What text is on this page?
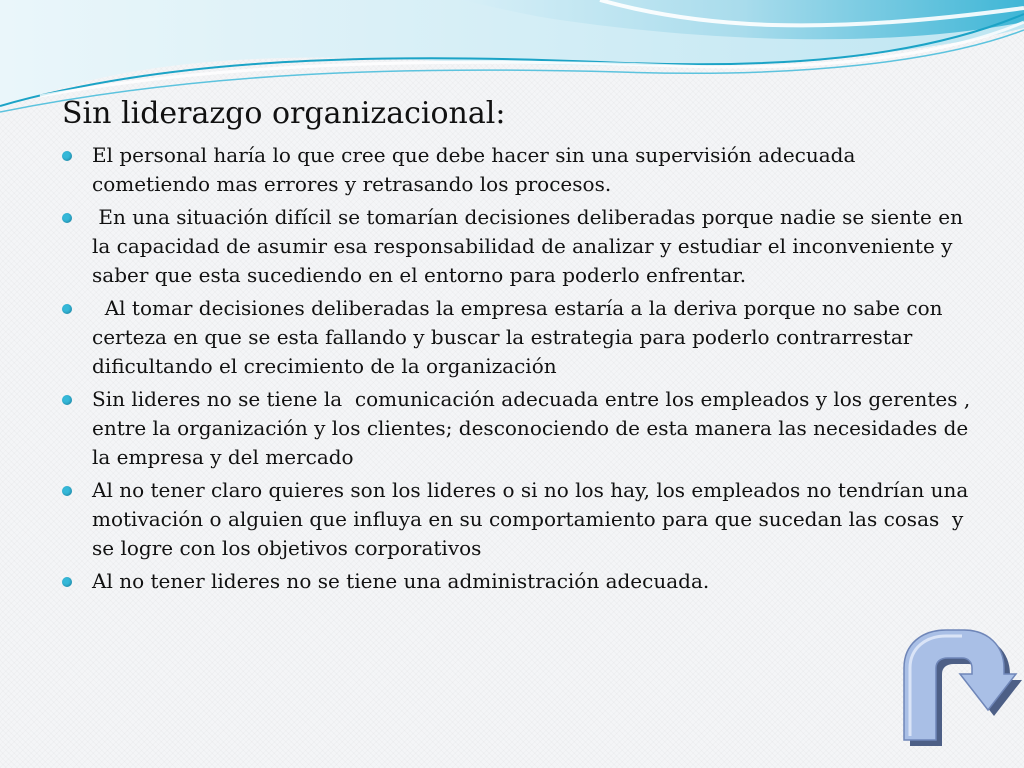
Sin liderazgo organizacional:
El personal haría lo que cree que debe hacer sin una supervisión adecuada cometiendo mas errores y retrasando los procesos.
En una situación difícil se tomarían decisiones deliberadas porque nadie se siente en la capacidad de asumir esa responsabilidad de analizar y estudiar el inconveniente y saber que esta sucediendo en el entorno para poderlo enfrentar.
Al tomar decisiones deliberadas la empresa estaría a la deriva porque no sabe con certeza en que se esta fallando y buscar la estrategia para poderlo contrarrestar dificultando el crecimiento de la organización
Sin lideres no se tiene la  comunicación adecuada entre los empleados y los gerentes , entre la organización y los clientes; desconociendo de esta manera las necesidades de la empresa y del mercado
Al no tener claro quieres son los lideres o si no los hay, los empleados no tendrían una motivación o alguien que influya en su comportamiento para que sucedan las cosas  y se logre con los objetivos corporativos
Al no tener lideres no se tiene una administración adecuada.
